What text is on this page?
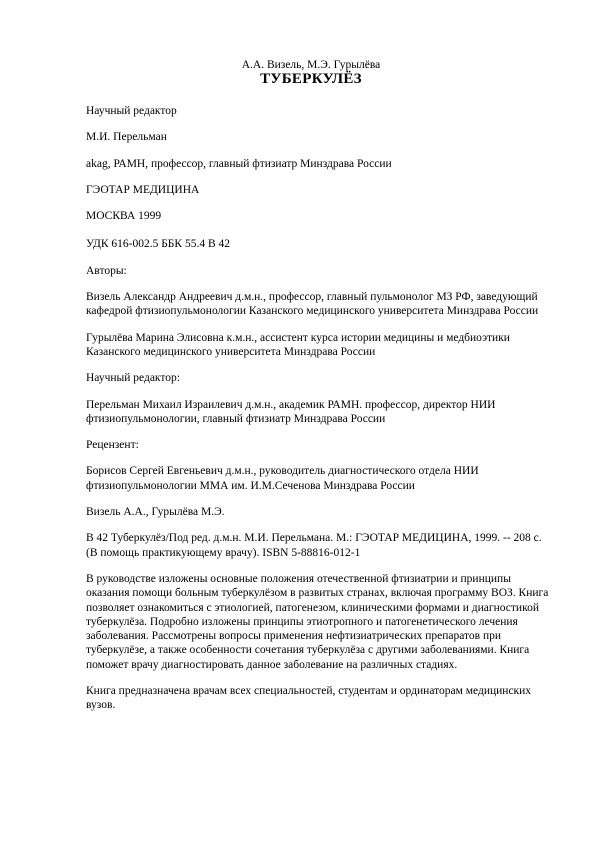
А.А. Визель, М.Э. Гурылёва
ТУБЕРКУЛЁЗ

Научный редактор

М.И. Перельман

akag, РАМН, профессор, главный фтизиатр Минздрава России

ГЭОТАР МЕДИЦИНА

МОСКВА 1999

УДК 616-002.5 ББК 55.4 В 42

Авторы:

Визель Александр Андреевич д.м.н., профессор, главный пульмонолог МЗ РФ, заведующий кафедрой фтизиопульмонологии Казанского медицинского университета Минздрава России

Гурылёва Марина Элисовна к.м.н., ассистент курса истории медицины и медбиоэтики Казанского медицинского университета Минздрава России

Научный редактор:

Перельман Михаил Израилевич д.м.н., академик РАМН. профессор, директор НИИ фтизиопульмонологии, главный фтизиатр Минздрава России

Рецензент:

Борисов Сергей Евгеньевич д.м.н., руководитель диагностического отдела НИИ фтизиопульмонологии ММА им. И.М.Сеченова Минздрава России

Визель А.А., Гурылёва М.Э.

В 42 Туберкулёз/Под ред. д.м.н. М.И. Перельмана. М.: ГЭОТАР МЕДИЦИНА, 1999. -- 208 с. (В помощь практикующему врачу). ISBN 5-88816-012-1

В руководстве изложены основные положения отечественной фтизиатрии и принципы оказания помощи больным туберкулёзом в развитых странах, включая программу ВОЗ. Книга позволяет ознакомиться с этиологией, патогенезом, клиническими формами и диагностикой туберкулёза. Подробно изложены принципы этиотропного и патогенетического лечения заболевания. Рассмотрены вопросы применения нефтизиатрических препаратов при туберкулёзе, а также особенности сочетания туберкулёза с другими заболеваниями. Книга поможет врачу диагностировать данное заболевание на различных стадиях.

Книга предназначена врачам всех специальностей, студентам и ординаторам медицинских вузов.
